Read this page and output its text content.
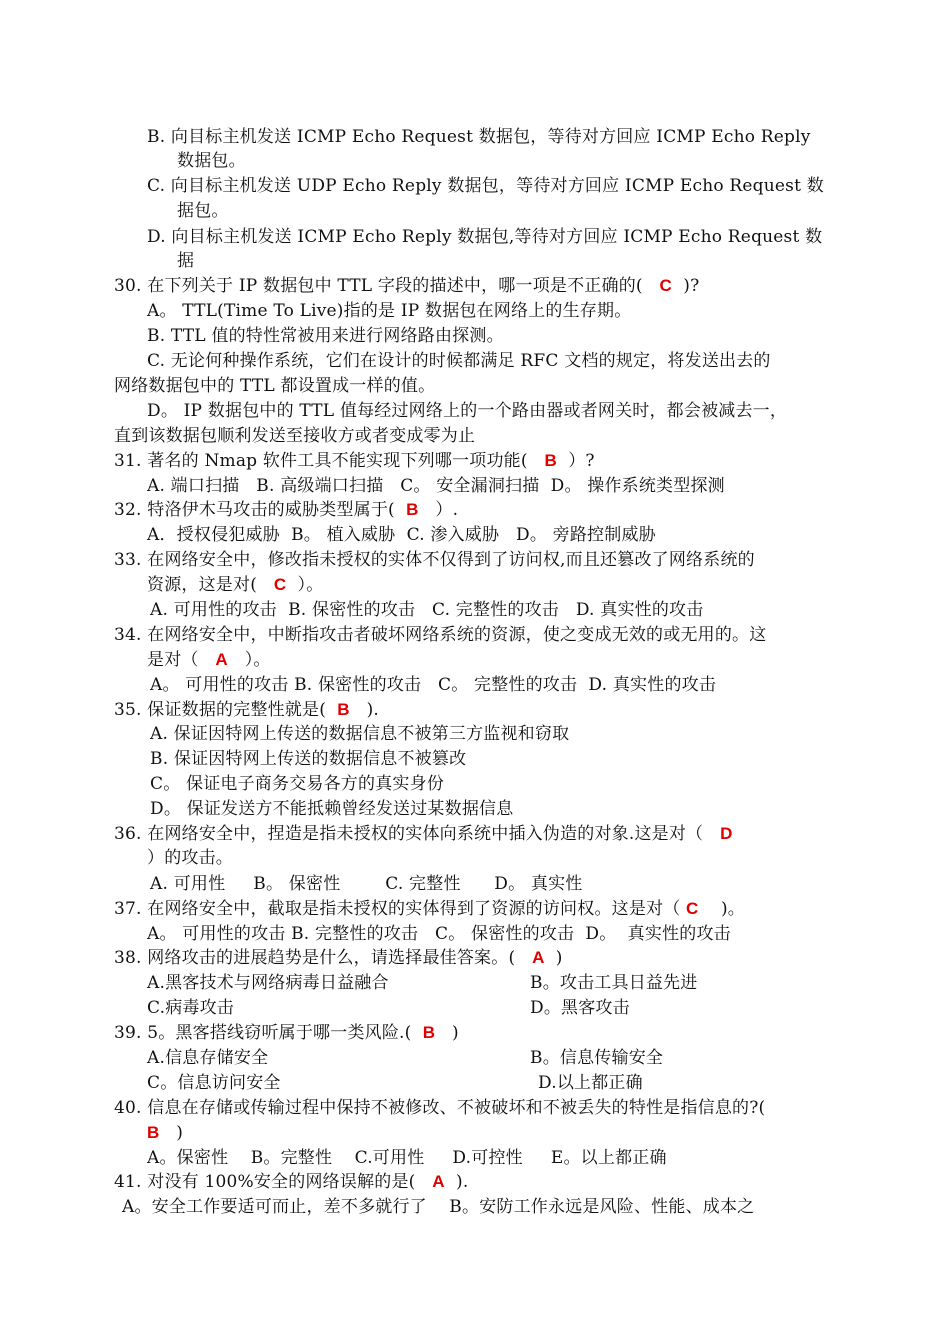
B. 向目标主机发送 ICMP Echo Request 数据包，等待对方回应 ICMP Echo Reply
数据包。
C. 向目标主机发送 UDP Echo Reply 数据包，等待对方回应 ICMP Echo Request 数
据包。
D. 向目标主机发送 ICMP Echo Reply 数据包,等待对方回应 ICMP Echo Request 数
据
30. 在下列关于 IP 数据包中 TTL 字段的描述中，哪一项是不正确的(   C  )?
A。 TTL(Time To Live)指的是 IP 数据包在网络上的生存期。
B. TTL 值的特性常被用来进行网络路由探测。
C. 无论何种操作系统，它们在设计的时候都满足 RFC 文档的规定，将发送出去的
网络数据包中的 TTL 都设置成一样的值。
D。 IP 数据包中的 TTL 值每经过网络上的一个路由器或者网关时，都会被减去一，
直到该数据包顺利发送至接收方或者变成零为止
31. 著名的 Nmap 软件工具不能实现下列哪一项功能(   B  ）?
A. 端口扫描   B. 高级端口扫描   C。 安全漏洞扫描  D。 操作系统类型探测
32. 特洛伊木马攻击的威胁类型属于(  B   ）.
A．授权侵犯威胁  B。 植入威胁  C. 渗入威胁   D。 旁路控制威胁
33. 在网络安全中，修改指未授权的实体不仅得到了访问权,而且还篡改了网络系统的
资源，这是对(   C  ）。
A. 可用性的攻击  B. 保密性的攻击   C. 完整性的攻击   D. 真实性的攻击
34. 在网络安全中，中断指攻击者破坏网络系统的资源，使之变成无效的或无用的。这
是对（   A   ）。
A。 可用性的攻击 B. 保密性的攻击   C。 完整性的攻击  D. 真实性的攻击
35. 保证数据的完整性就是(  B   ).
A. 保证因特网上传送的数据信息不被第三方监视和窃取
B. 保证因特网上传送的数据信息不被篡改
C。 保证电子商务交易各方的真实身份
D。 保证发送方不能抵赖曾经发送过某数据信息
36. 在网络安全中，捏造是指未授权的实体向系统中插入伪造的对象.这是对（   D
）的攻击。
A. 可用性     B。 保密性        C. 完整性      D。 真实性
37. 在网络安全中，截取是指未授权的实体得到了资源的访问权。这是对（ C    )。
A。 可用性的攻击 B. 完整性的攻击   C。 保密性的攻击  D。  真实性的攻击
38. 网络攻击的进展趋势是什么，请选择最佳答案。(   A  )
A.黑客技术与网络病毒日益融合	B。攻击工具日益先进
C.病毒攻击	D。黑客攻击
39. 5。黑客搭线窃听属于哪一类风险.(  B   )
A.信息存储安全	B。信息传输安全
C。信息访问安全	D.以上都正确
40. 信息在存储或传输过程中保持不被修改、不被破坏和不被丢失的特性是指信息的?(
B   )
A。保密性    B。完整性    C.可用性     D.可控性     E。以上都正确
41. 对没有 100%安全的网络误解的是(   A  ).
A。安全工作要适可而止，差不多就行了    B。安防工作永远是风险、性能、成本之
